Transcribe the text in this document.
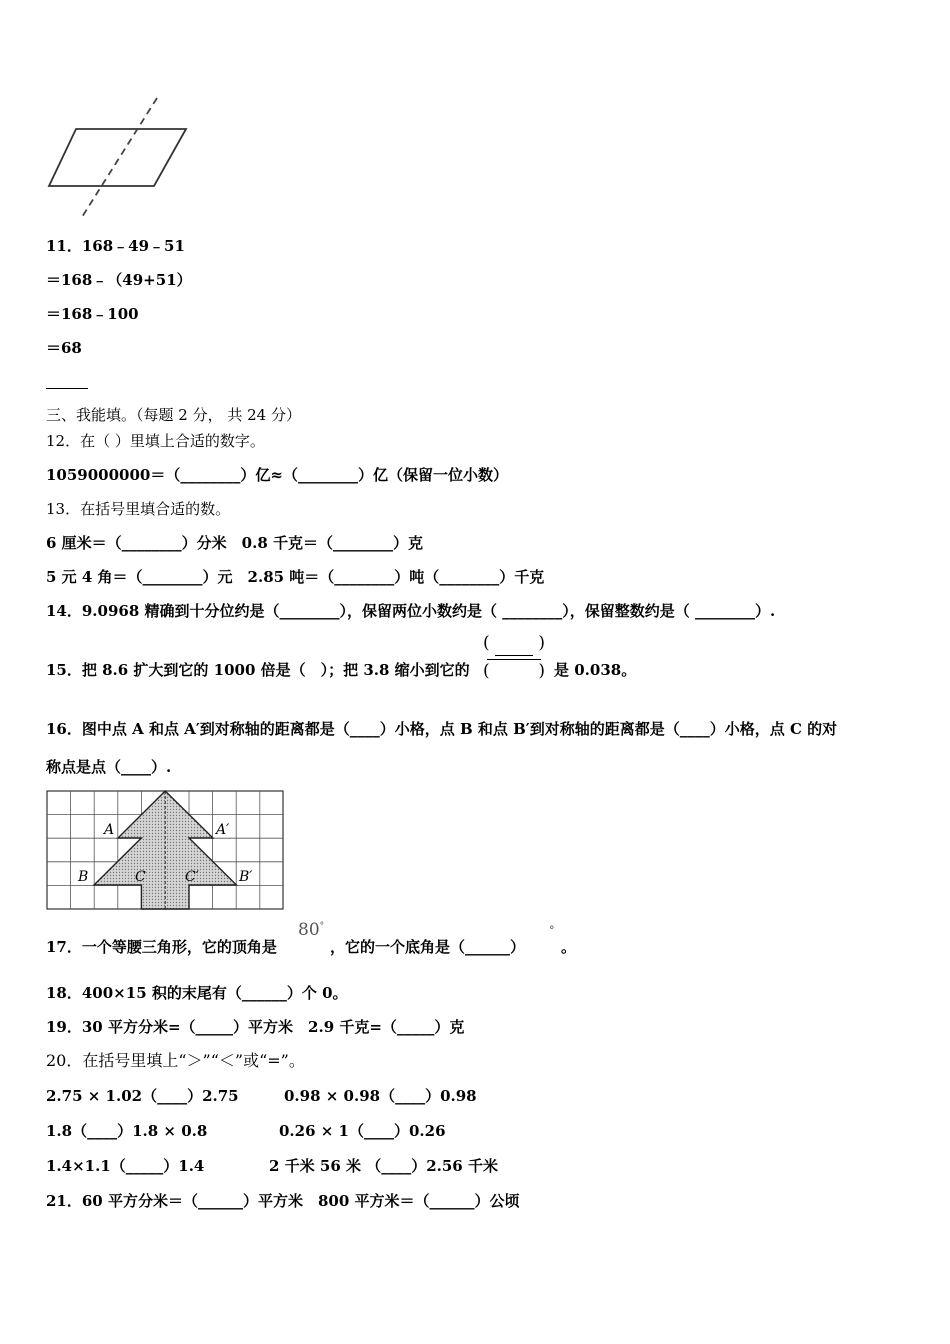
11．168﹣49﹣51
＝168﹣（49+51）
＝168﹣100
＝68
三、我能填。（每题 2 分， 共 24 分）
12．在（ ）里填上合适的数字。
1059000000＝（________）亿≈（________）亿（保留一位小数）
13．在括号里填合适的数。
6 厘米＝（________）分米　0.8 千克＝（________）克
5 元 4 角＝（________）元　2.85 吨＝（________）吨（________）千克
14．9.0968 精确到十分位约是（________），保留两位小数约是（ ________），保留整数约是（ ________）.
15．把 8.6 扩大到它的 1000 倍是（　）；把 3.8 缩小到它的
(	)
(	) 是 0.038。
16．图中点 A 和点 A′到对称轴的距离都是（____）小格，点 B 和点 B′到对称轴的距离都是（____）小格，点 C 的对
称点是点（____）.
A	A′
B	B′
C	C′
17．一个等腰三角形，它的顶角是
80°
，它的一个底角是（______）
°
。
18．400×15 积的末尾有（______）个 0。
19．30 平方分米=（_____）平方米　2.9 千克=（_____）克
20．在括号里填上“＞”“＜”或“=”。
2.75 × 1.02（____）2.75	0.98 × 0.98（____）0.98
1.8（____）1.8 × 0.8	0.26 × 1（____）0.26
1.4×1.1（_____）1.4	2 千米 56 米 （____）2.56 千米
21．60 平方分米＝（______）平方米　800 平方米＝（______）公顷
